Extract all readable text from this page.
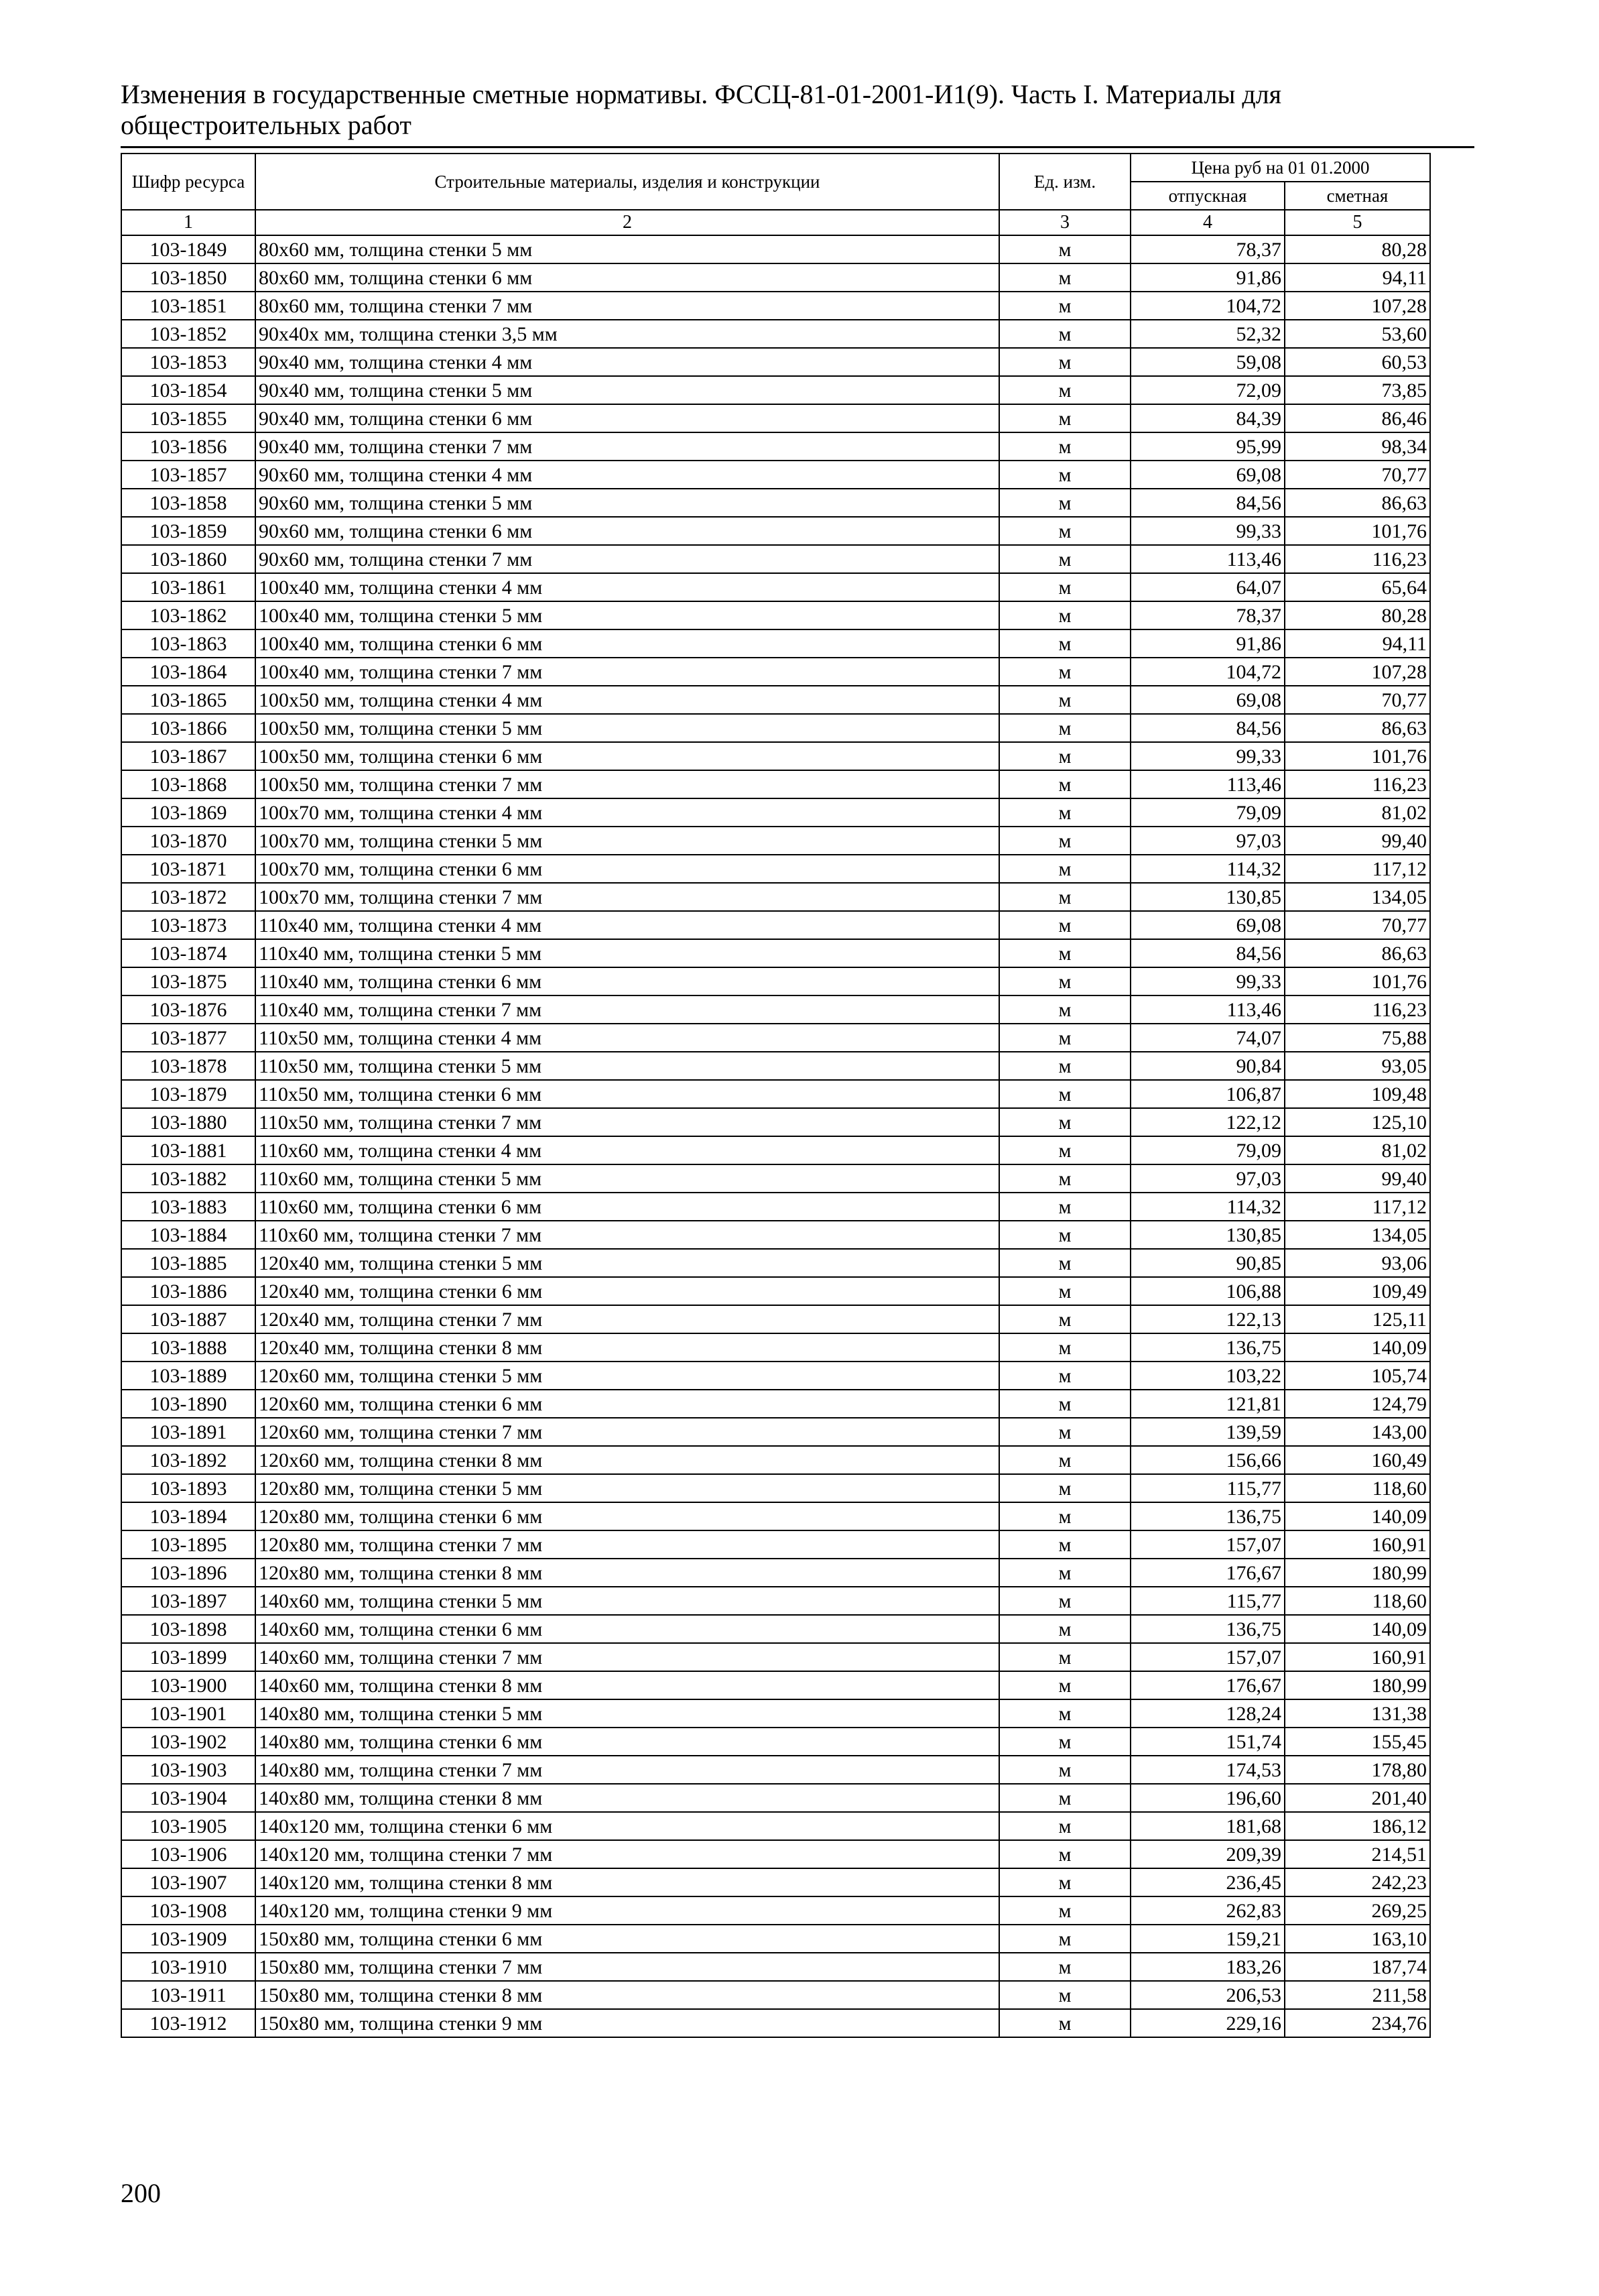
Изменения в государственные сметные нормативы. ФССЦ-81-01-2001-И1(9). Часть I. Материалы для
общестроительных работ
Шифр ресурса	Строительные материалы, изделия и конструкции	Ед. изм.	Цена руб на 01 01.2000	
			отпускная	сметная
1	2	3	4	5
103-1849	80x60 мм, толщина стенки 5 мм	м	78,37	80,28
103-1850	80x60 мм, толщина стенки 6 мм	м	91,86	94,11
103-1851	80x60 мм, толщина стенки 7 мм	м	104,72	107,28
103-1852	90x40x мм, толщина стенки 3,5 мм	м	52,32	53,60
103-1853	90x40 мм, толщина стенки 4 мм	м	59,08	60,53
103-1854	90x40 мм, толщина стенки 5 мм	м	72,09	73,85
103-1855	90x40 мм, толщина стенки 6 мм	м	84,39	86,46
103-1856	90x40 мм, толщина стенки 7 мм	м	95,99	98,34
103-1857	90x60 мм, толщина стенки 4 мм	м	69,08	70,77
103-1858	90x60 мм, толщина стенки 5 мм	м	84,56	86,63
103-1859	90x60 мм, толщина стенки 6 мм	м	99,33	101,76
103-1860	90x60 мм, толщина стенки 7 мм	м	113,46	116,23
103-1861	100x40 мм, толщина стенки 4 мм	м	64,07	65,64
103-1862	100x40 мм, толщина стенки 5 мм	м	78,37	80,28
103-1863	100x40 мм, толщина стенки 6 мм	м	91,86	94,11
103-1864	100x40 мм, толщина стенки 7 мм	м	104,72	107,28
103-1865	100x50 мм, толщина стенки 4 мм	м	69,08	70,77
103-1866	100x50 мм, толщина стенки 5 мм	м	84,56	86,63
103-1867	100x50 мм, толщина стенки 6 мм	м	99,33	101,76
103-1868	100x50 мм, толщина стенки 7 мм	м	113,46	116,23
103-1869	100x70 мм, толщина стенки 4 мм	м	79,09	81,02
103-1870	100x70 мм, толщина стенки 5 мм	м	97,03	99,40
103-1871	100x70 мм, толщина стенки 6 мм	м	114,32	117,12
103-1872	100x70 мм, толщина стенки 7 мм	м	130,85	134,05
103-1873	110x40 мм, толщина стенки 4 мм	м	69,08	70,77
103-1874	110x40 мм, толщина стенки 5 мм	м	84,56	86,63
103-1875	110x40 мм, толщина стенки 6 мм	м	99,33	101,76
103-1876	110x40 мм, толщина стенки 7 мм	м	113,46	116,23
103-1877	110x50 мм, толщина стенки 4 мм	м	74,07	75,88
103-1878	110x50 мм, толщина стенки 5 мм	м	90,84	93,05
103-1879	110x50 мм, толщина стенки 6 мм	м	106,87	109,48
103-1880	110x50 мм, толщина стенки 7 мм	м	122,12	125,10
103-1881	110x60 мм, толщина стенки 4 мм	м	79,09	81,02
103-1882	110x60 мм, толщина стенки 5 мм	м	97,03	99,40
103-1883	110x60 мм, толщина стенки 6 мм	м	114,32	117,12
103-1884	110x60 мм, толщина стенки 7 мм	м	130,85	134,05
103-1885	120x40 мм, толщина стенки 5 мм	м	90,85	93,06
103-1886	120x40 мм, толщина стенки 6 мм	м	106,88	109,49
103-1887	120x40 мм, толщина стенки 7 мм	м	122,13	125,11
103-1888	120x40 мм, толщина стенки 8 мм	м	136,75	140,09
103-1889	120x60 мм, толщина стенки 5 мм	м	103,22	105,74
103-1890	120x60 мм, толщина стенки 6 мм	м	121,81	124,79
103-1891	120x60 мм, толщина стенки 7 мм	м	139,59	143,00
103-1892	120x60 мм, толщина стенки 8 мм	м	156,66	160,49
103-1893	120x80 мм, толщина стенки 5 мм	м	115,77	118,60
103-1894	120x80 мм, толщина стенки 6 мм	м	136,75	140,09
103-1895	120x80 мм, толщина стенки 7 мм	м	157,07	160,91
103-1896	120x80 мм, толщина стенки 8 мм	м	176,67	180,99
103-1897	140x60 мм, толщина стенки 5 мм	м	115,77	118,60
103-1898	140x60 мм, толщина стенки 6 мм	м	136,75	140,09
103-1899	140x60 мм, толщина стенки 7 мм	м	157,07	160,91
103-1900	140x60 мм, толщина стенки 8 мм	м	176,67	180,99
103-1901	140x80 мм, толщина стенки 5 мм	м	128,24	131,38
103-1902	140x80 мм, толщина стенки 6 мм	м	151,74	155,45
103-1903	140x80 мм, толщина стенки 7 мм	м	174,53	178,80
103-1904	140x80 мм, толщина стенки 8 мм	м	196,60	201,40
103-1905	140x120 мм, толщина стенки 6 мм	м	181,68	186,12
103-1906	140x120 мм, толщина стенки 7 мм	м	209,39	214,51
103-1907	140x120 мм, толщина стенки 8 мм	м	236,45	242,23
103-1908	140x120 мм, толщина стенки 9 мм	м	262,83	269,25
103-1909	150x80 мм, толщина стенки 6 мм	м	159,21	163,10
103-1910	150x80 мм, толщина стенки 7 мм	м	183,26	187,74
103-1911	150x80 мм, толщина стенки 8 мм	м	206,53	211,58
103-1912	150x80 мм, толщина стенки 9 мм	м	229,16	234,76
200
